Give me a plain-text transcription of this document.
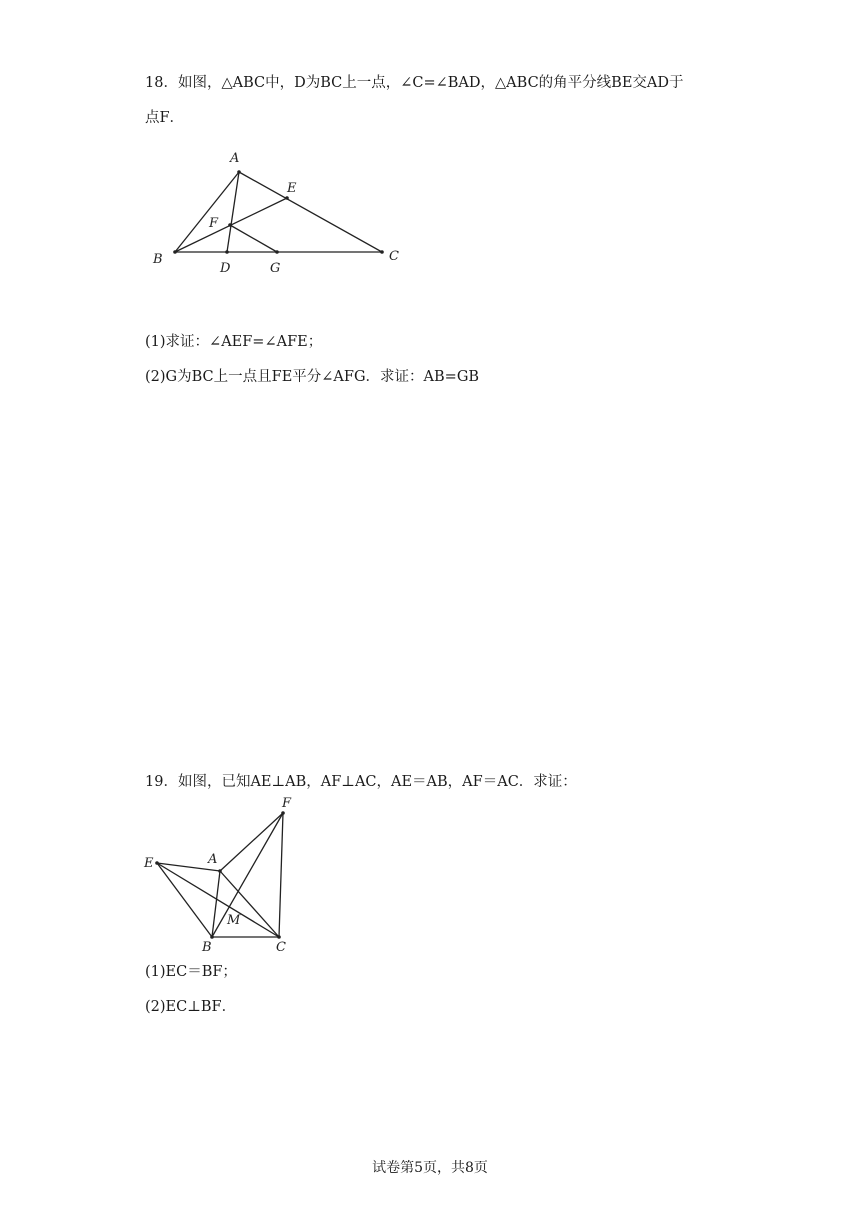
18．如图，△ABC中，D为BC上一点，∠C=∠BAD，△ABC的角平分线BE交AD于
点F．
A
E
F
B
D	G
C
(1)求证：∠AEF=∠AFE；
(2)G为BC上一点且FE平分∠AFG．求证：AB=GB
19．如图，已知AE⊥AB，AF⊥AC，AE＝AB，AF＝AC．求证：
F
E	A
M
B	C
(1)EC＝BF；
(2)EC⊥BF．
试卷第5页，共8页
